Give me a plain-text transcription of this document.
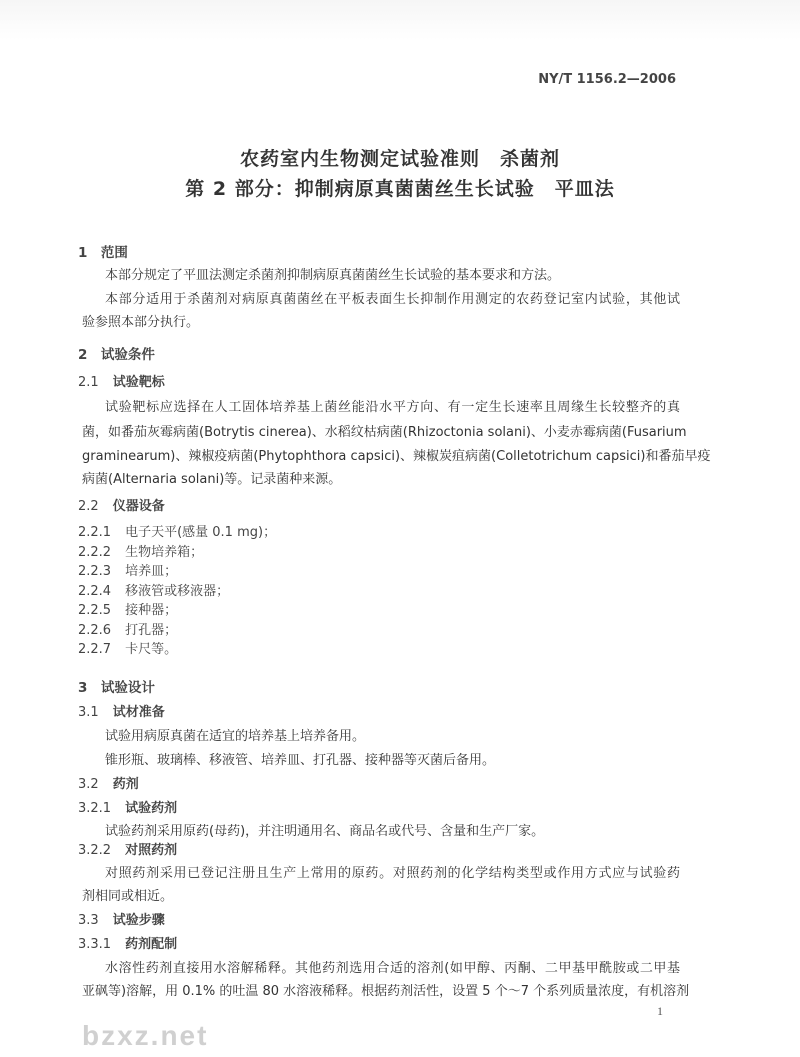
NY/T 1156.2—2006
农药室内生物测定试验准则　杀菌剂
第 2 部分：抑制病原真菌菌丝生长试验　平皿法
1　 范围
本部分规定了平皿法测定杀菌剂抑制病原真菌菌丝生长试验的基本要求和方法。
本部分适用于杀菌剂对病原真菌菌丝在平板表面生长抑制作用测定的农药登记室内试验，其他试
验参照本部分执行。
2　 试验条件
2.1 试验靶标
试验靶标应选择在人工固体培养基上菌丝能沿水平方向、有一定生长速率且周缘生长较整齐的真
菌，如番茄灰霉病菌(Botrytis cinerea)、水稻纹枯病菌(Rhizoctonia solani)、小麦赤霉病菌(Fusarium
graminearum)、辣椒疫病菌(Phytophthora capsici)、辣椒炭疽病菌(Colletotrichum capsici)和番茄早疫
病菌(Alternaria solani)等。记录菌种来源。
2.2 仪器设备
2.2.1 电子天平(感量 0.1 mg)；
2.2.2 生物培养箱；
2.2.3 培养皿；
2.2.4 移液管或移液器；
2.2.5 接种器；
2.2.6 打孔器；
2.2.7 卡尺等。
3　 试验设计
3.1 试材准备
试验用病原真菌在适宜的培养基上培养备用。
锥形瓶、玻璃棒、移液管、培养皿、打孔器、接种器等灭菌后备用。
3.2 药剂
3.2.1 试验药剂
试验药剂采用原药(母药)，并注明通用名、商品名或代号、含量和生产厂家。
3.2.2 对照药剂
对照药剂采用已登记注册且生产上常用的原药。对照药剂的化学结构类型或作用方式应与试验药
剂相同或相近。
3.3 试验步骤
3.3.1 药剂配制
水溶性药剂直接用水溶解稀释。其他药剂选用合适的溶剂(如甲醇、丙酮、二甲基甲酰胺或二甲基
亚砜等)溶解，用 0.1% 的吐温 80 水溶液稀释。根据药剂活性，设置 5 个～7 个系列质量浓度，有机溶剂
1
bzxz.net
